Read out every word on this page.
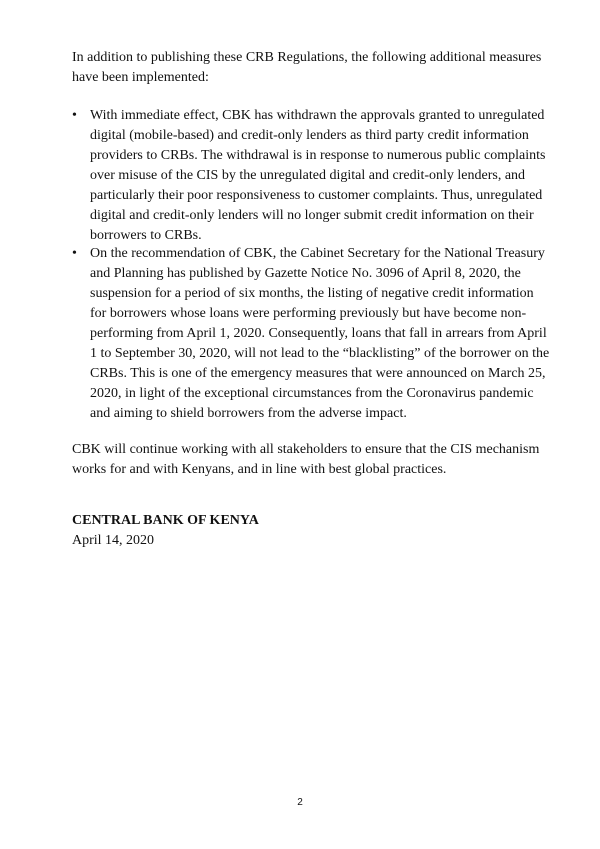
In addition to publishing these CRB Regulations, the following additional measures have been implemented:

• With immediate effect, CBK has withdrawn the approvals granted to unregulated digital (mobile-based) and credit-only lenders as third party credit information providers to CRBs. The withdrawal is in response to numerous public complaints over misuse of the CIS by the unregulated digital and credit-only lenders, and particularly their poor responsiveness to customer complaints. Thus, unregulated digital and credit-only lenders will no longer submit credit information on their borrowers to CRBs.
• On the recommendation of CBK, the Cabinet Secretary for the National Treasury and Planning has published by Gazette Notice No. 3096 of April 8, 2020, the suspension for a period of six months, the listing of negative credit information for borrowers whose loans were performing previously but have become non-performing from April 1, 2020. Consequently, loans that fall in arrears from April 1 to September 30, 2020, will not lead to the “blacklisting” of the borrower on the CRBs. This is one of the emergency measures that were announced on March 25, 2020, in light of the exceptional circumstances from the Coronavirus pandemic and aiming to shield borrowers from the adverse impact.

CBK will continue working with all stakeholders to ensure that the CIS mechanism works for and with Kenyans, and in line with best global practices.

CENTRAL BANK OF KENYA
April 14, 2020
2
